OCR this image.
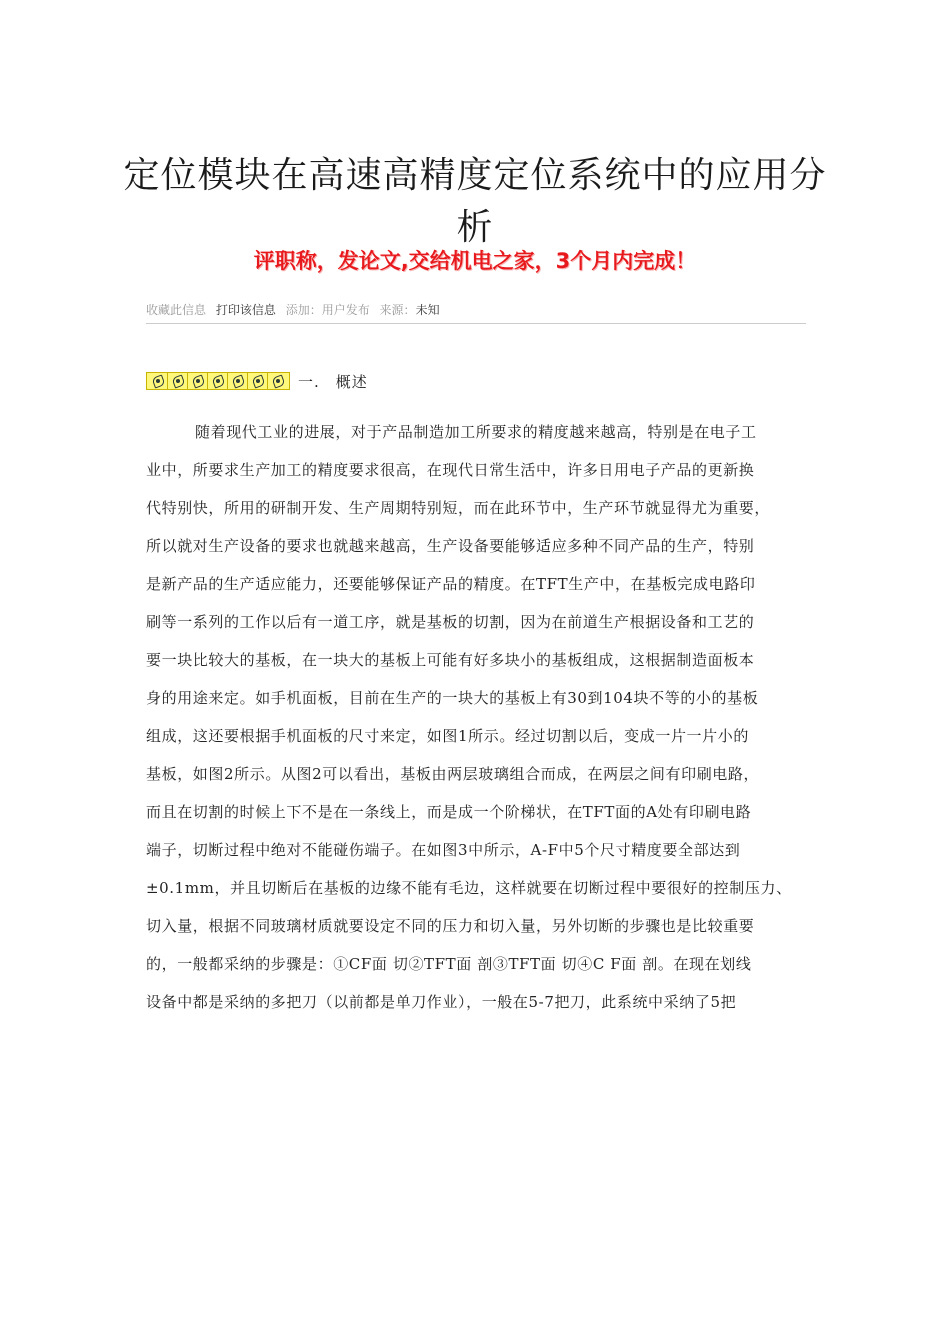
定位模块在高速高精度定位系统中的应用分
析
评职称，发论文,交给机电之家，3个月内完成！
收藏此信息 打印该信息 添加：用户发布 来源：未知
一.　概述
随着现代工业的进展，对于产品制造加工所要求的精度越来越高，特别是在电子工
业中，所要求生产加工的精度要求很高，在现代日常生活中，许多日用电子产品的更新换
代特别快，所用的研制开发、生产周期特别短，而在此环节中，生产环节就显得尤为重要，
所以就对生产设备的要求也就越来越高，生产设备要能够适应多种不同产品的生产，特别
是新产品的生产适应能力，还要能够保证产品的精度。在TFT生产中，在基板完成电路印
刷等一系列的工作以后有一道工序，就是基板的切割，因为在前道生产根据设备和工艺的
要一块比较大的基板，在一块大的基板上可能有好多块小的基板组成，这根据制造面板本
身的用途来定。如手机面板，目前在生产的一块大的基板上有30到104块不等的小的基板
组成，这还要根据手机面板的尺寸来定，如图1所示。经过切割以后，变成一片一片小的
基板，如图2所示。从图2可以看出，基板由两层玻璃组合而成，在两层之间有印刷电路，
而且在切割的时候上下不是在一条线上，而是成一个阶梯状，在TFT面的A处有印刷电路
端子，切断过程中绝对不能碰伤端子。在如图3中所示，A-F中5个尺寸精度要全部达到
±0.1mm，并且切断后在基板的边缘不能有毛边，这样就要在切断过程中要很好的控制压力、
切入量，根据不同玻璃材质就要设定不同的压力和切入量，另外切断的步骤也是比较重要
的，一般都采纳的步骤是：①CF面 切②TFT面 剖③TFT面 切④C F面 剖。在现在划线
设备中都是采纳的多把刀（以前都是单刀作业），一般在5-7把刀，此系统中采纳了5把
